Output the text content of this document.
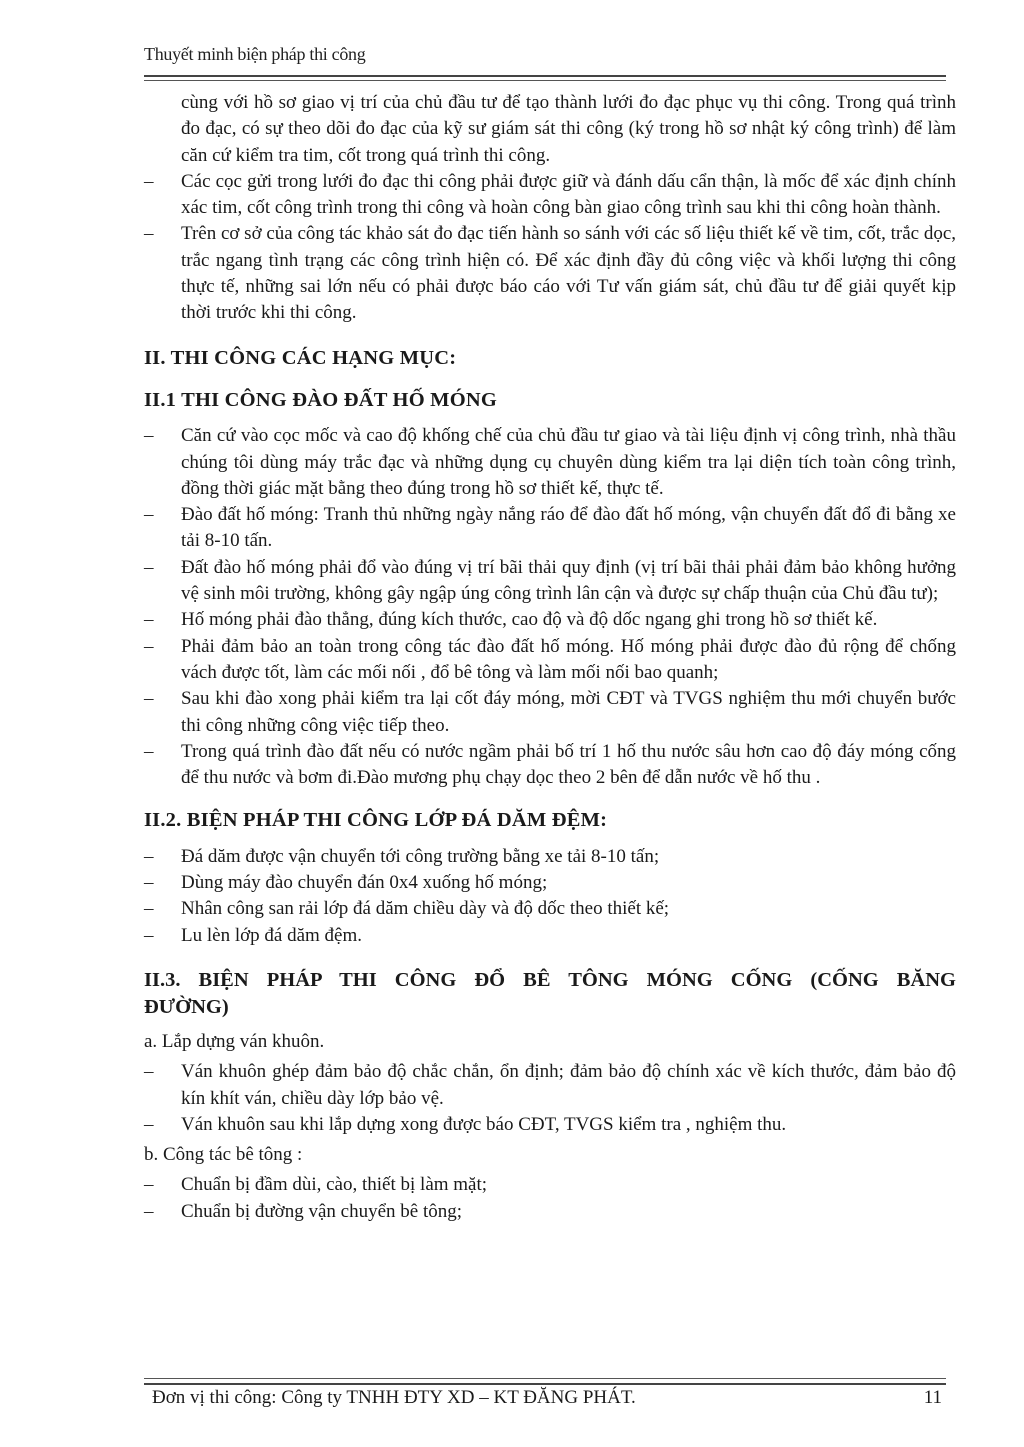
Thuyết minh biện pháp thi công

cùng với hồ sơ giao vị trí của chủ đầu tư để tạo thành lưới đo đạc phục vụ thi công. Trong quá trình đo đạc, có sự theo dõi đo đạc của kỹ sư giám sát thi công (ký trong hồ sơ nhật ký công trình) để làm căn cứ kiểm tra tim, cốt trong quá trình thi công.

– Các cọc gửi trong lưới đo đạc thi công phải được giữ và đánh dấu cẩn thận, là mốc để xác định chính xác tim, cốt công trình trong thi công và hoàn công bàn giao công trình sau khi thi công hoàn thành.

– Trên cơ sở của công tác khảo sát đo đạc tiến hành so sánh với các số liệu thiết kế về tim, cốt, trắc dọc, trắc ngang tình trạng các công trình hiện có. Để xác định đầy đủ công việc và khối lượng thi công thực tế, những sai lớn nếu có phải được báo cáo với Tư vấn giám sát, chủ đầu tư để giải quyết kịp thời trước khi thi công.

II. THI CÔNG CÁC HẠNG MỤC:
II.1 THI CÔNG ĐÀO ĐẤT HỐ MÓNG

– Căn cứ vào cọc mốc và cao độ khống chế của chủ đầu tư giao và tài liệu định vị công trình, nhà thầu chúng tôi dùng máy trắc đạc và những dụng cụ chuyên dùng kiểm tra lại diện tích toàn công trình, đồng thời giác mặt bằng theo đúng trong hồ sơ thiết kế, thực tế.

– Đào đất hố móng: Tranh thủ những ngày nắng ráo để đào đất hố móng, vận chuyển đất đổ đi bằng xe tải 8-10 tấn.

– Đất đào hố móng phải đổ vào đúng vị trí bãi thải quy định (vị trí bãi thải phải đảm bảo không hưởng vệ sinh môi trường, không gây ngập úng công trình lân cận và được sự chấp thuận của Chủ đầu tư);

– Hố móng phải đào thẳng, đúng kích thước, cao độ và độ dốc ngang ghi trong hồ sơ thiết kế.

– Phải đảm bảo an toàn trong công tác đào đất hố móng. Hố móng phải được đào đủ rộng để chống vách được tốt, làm các mối nối , đổ bê tông và làm mối nối bao quanh;

– Sau khi đào xong phải kiểm tra lại cốt đáy móng, mời CĐT và TVGS nghiệm thu mới chuyển bước thi công những công việc tiếp theo.

– Trong quá trình đào đất nếu có nước ngầm phải bố trí 1 hố thu nước sâu hơn cao độ đáy móng cống để thu nước và bơm đi.Đào mương phụ chạy dọc theo 2 bên để dẫn nước về hố thu .

II.2. BIỆN PHÁP THI CÔNG LỚP ĐÁ DĂM ĐỆM:

– Đá dăm được vận chuyển tới công trường bằng xe tải 8-10 tấn;

– Dùng máy đào chuyển đán 0x4 xuống hố móng;

– Nhân công san rải lớp đá dăm chiều dày và độ dốc theo thiết kế;

– Lu lèn lớp đá dăm đệm.

II.3. BIỆN PHÁP THI CÔNG ĐỔ BÊ TÔNG MÓNG CỐNG (CỐNG BĂNG ĐƯỜNG)

a. Lắp dựng ván khuôn.

– Ván khuôn ghép đảm bảo độ chắc chắn, ổn định; đảm bảo độ chính xác về kích thước, đảm bảo độ kín khít ván, chiều dày lớp bảo vệ.

– Ván khuôn sau khi lắp dựng xong được báo CĐT, TVGS kiểm tra , nghiệm thu.

b. Công tác bê tông :

– Chuẩn bị đầm dùi, cào, thiết bị làm mặt;

– Chuẩn bị đường vận chuyển bê tông;

Đơn vị thi công: Công ty TNHH ĐTY XD – KT ĐĂNG PHÁT.	11
